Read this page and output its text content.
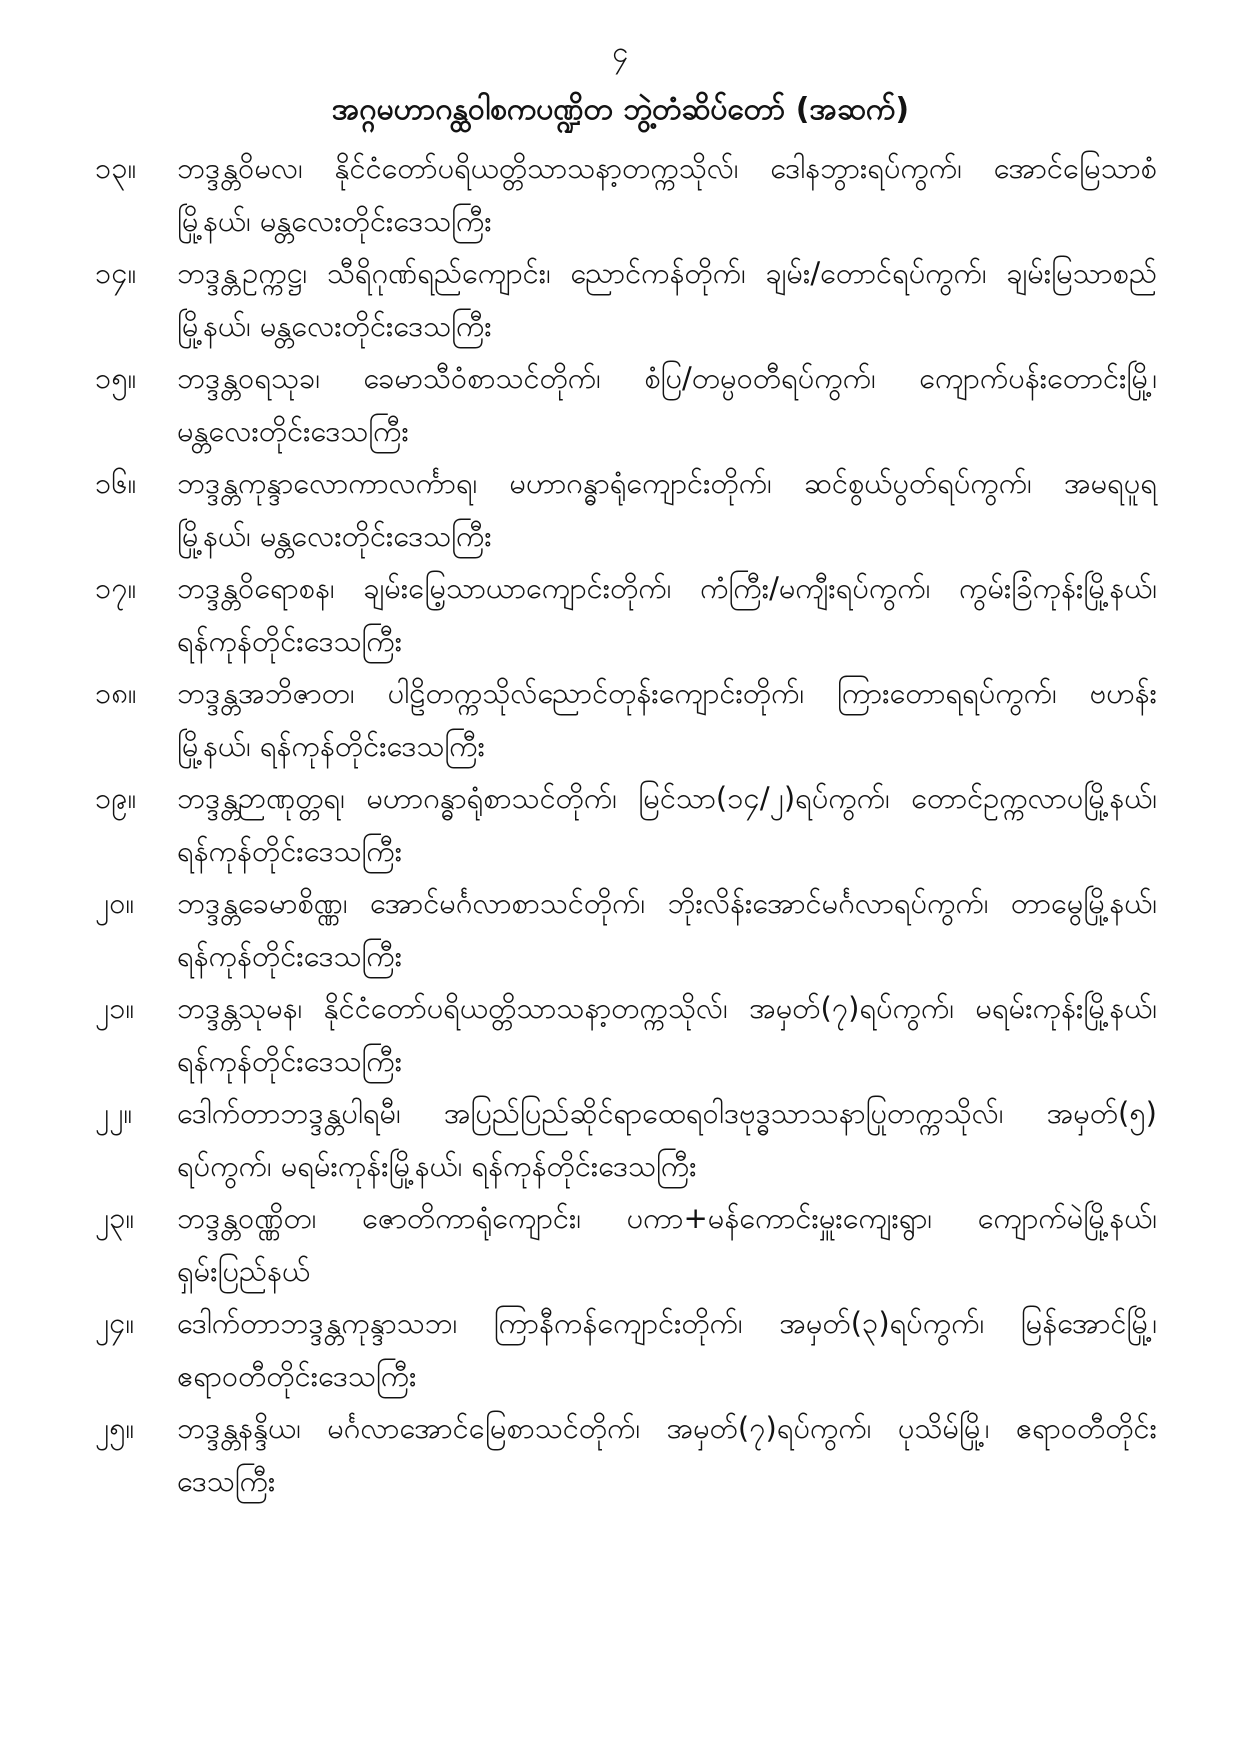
၄
အဂ္ဂမဟာဂန္ထဝါစကပဏ္ဍိတ ဘွဲ့တံဆိပ်တော် (အဆက်)
၁၃။	ဘဒ္ဒန္တဝိမလ၊ နိုင်ငံတော်ပရိယတ္တိသာသနာ့တက္ကသိုလ်၊ ဒေါနဘွားရပ်ကွက်၊ အောင်မြေသာစံ
မြို့နယ်၊ မန္တလေးတိုင်းဒေသကြီး
၁၄။	ဘဒ္ဒန္တဥက္ကဋ္ဌ၊ သီရိဂုဏ်ရည်ကျောင်း၊ ညောင်ကန်တိုက်၊ ချမ်း/တောင်ရပ်ကွက်၊ ချမ်းမြသာစည်
မြို့နယ်၊ မန္တလေးတိုင်းဒေသကြီး
၁၅။	ဘဒ္ဒန္တဝရသုခ၊ ခေမာသီဝံစာသင်တိုက်၊ စံပြ/တမ္ပဝတီရပ်ကွက်၊ ကျောက်ပန်းတောင်းမြို့၊
မန္တလေးတိုင်းဒေသကြီး
၁၆။	ဘဒ္ဒန္တကုန္ဒာလောကာလင်္ကာရ၊ မဟာဂန္ဓာရုံကျောင်းတိုက်၊ ဆင်စွယ်ပွတ်ရပ်ကွက်၊ အမရပူရ
မြို့နယ်၊ မန္တလေးတိုင်းဒေသကြီး
၁၇။	ဘဒ္ဒန္တဝိရောစန၊ ချမ်းမြေ့သာယာကျောင်းတိုက်၊ ကံကြီး/မကျီးရပ်ကွက်၊ ကွမ်းခြံကုန်းမြို့နယ်၊
ရန်ကုန်တိုင်းဒေသကြီး
၁၈။	ဘဒ္ဒန္တအဘိဇာတ၊ ပါဠိတက္ကသိုလ်ညောင်တုန်းကျောင်းတိုက်၊ ကြားတောရရပ်ကွက်၊ ဗဟန်း
မြို့နယ်၊ ရန်ကုန်တိုင်းဒေသကြီး
၁၉။	ဘဒ္ဒန္တဉာဏုတ္တရ၊ မဟာဂန္ဓာရုံစာသင်တိုက်၊ မြင်သာ(၁၄/၂)ရပ်ကွက်၊ တောင်ဥက္ကလာပမြို့နယ်၊
ရန်ကုန်တိုင်းဒေသကြီး
၂၀။	ဘဒ္ဒန္တခေမာစိဏ္ဏ၊ အောင်မင်္ဂလာစာသင်တိုက်၊ ဘိုးလိန်းအောင်မင်္ဂလာရပ်ကွက်၊ တာမွေမြို့နယ်၊
ရန်ကုန်တိုင်းဒေသကြီး
၂၁။	ဘဒ္ဒန္တသုမန၊ နိုင်ငံတော်ပရိယတ္တိသာသနာ့တက္ကသိုလ်၊ အမှတ်(၇)ရပ်ကွက်၊ မရမ်းကုန်းမြို့နယ်၊
ရန်ကုန်တိုင်းဒေသကြီး
၂၂။	ဒေါက်တာဘဒ္ဒန္တပါရမီ၊ အပြည်ပြည်ဆိုင်ရာထေရဝါဒဗုဒ္ဓသာသနာပြုတက္ကသိုလ်၊ အမှတ်(၅)
ရပ်ကွက်၊ မရမ်းကုန်းမြို့နယ်၊ ရန်ကုန်တိုင်းဒေသကြီး
၂၃။	ဘဒ္ဒန္တဝဏ္ဏိတ၊ ဇောတိကာရုံကျောင်း၊ ပကာ+မန်ကောင်းမှူးကျေးရွာ၊ ကျောက်မဲမြို့နယ်၊
ရှမ်းပြည်နယ်
၂၄။	ဒေါက်တာဘဒ္ဒန္တကုန္ဒာသဘ၊ ကြာနီကန်ကျောင်းတိုက်၊ အမှတ်(၃)ရပ်ကွက်၊ မြန်အောင်မြို့၊
ဧရာဝတီတိုင်းဒေသကြီး
၂၅။	ဘဒ္ဒန္တနန္ဒိယ၊ မင်္ဂလာအောင်မြေစာသင်တိုက်၊ အမှတ်(၇)ရပ်ကွက်၊ ပုသိမ်မြို့၊ ဧရာဝတီတိုင်း
ဒေသကြီး
